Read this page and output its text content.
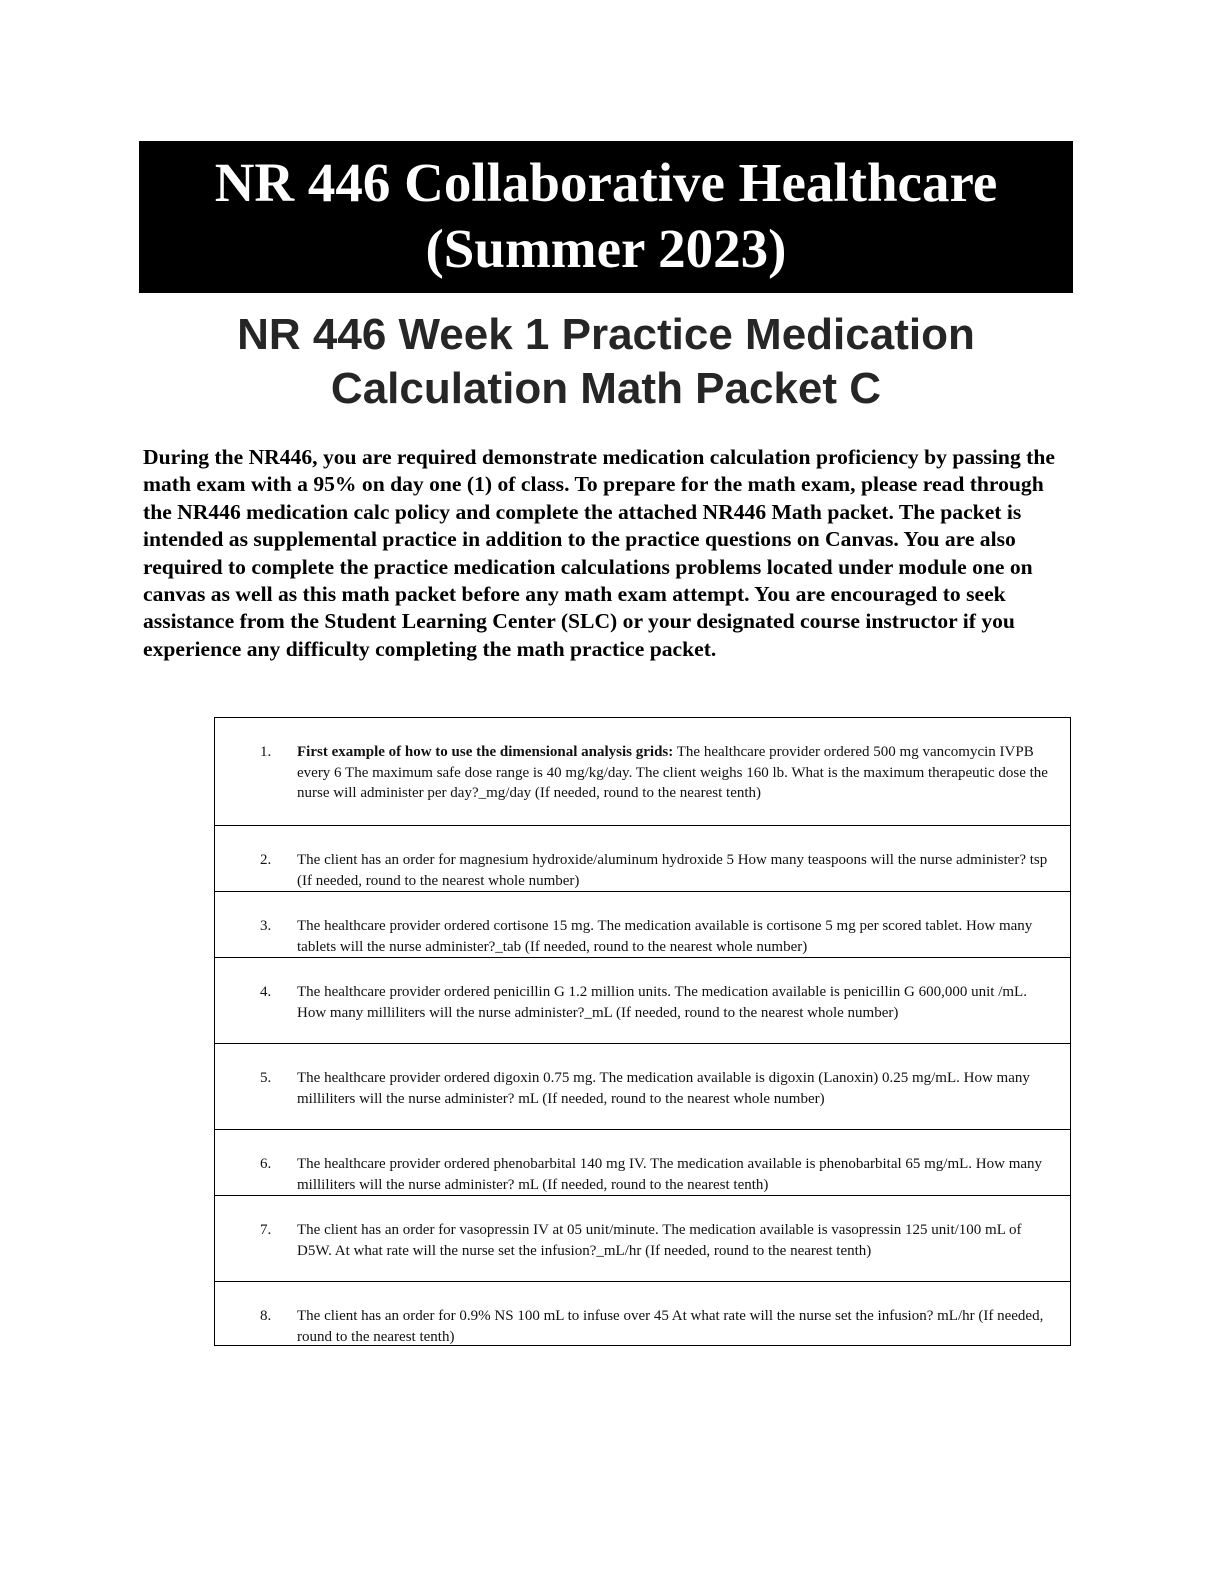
NR 446 Collaborative Healthcare
(Summer 2023)
NR 446 Week 1 Practice Medication
Calculation Math Packet C
During the NR446, you are required demonstrate medication calculation proficiency by passing the math exam with a 95% on day one (1) of class. To prepare for the math exam, please read through the NR446 medication calc policy and complete the attached NR446 Math packet. The packet is intended as supplemental practice in addition to the practice questions on Canvas. You are also required to complete the practice medication calculations problems located under module one on canvas as well as this math packet before any math exam attempt. You are encouraged to seek assistance from the Student Learning Center (SLC) or your designated course instructor if you experience any difficulty completing the math practice packet.
1.	First example of how to use the dimensional analysis grids: The healthcare provider ordered 500 mg vancomycin IVPB every 6 The maximum safe dose range is 40 mg/kg/day. The client weighs 160 lb. What is the maximum therapeutic dose the nurse will administer per day?_mg/day (If needed, round to the nearest tenth)
2.	The client has an order for magnesium hydroxide/aluminum hydroxide 5 How many teaspoons will the nurse administer? tsp (If needed, round to the nearest whole number)
3.	The healthcare provider ordered cortisone 15 mg. The medication available is cortisone 5 mg per scored tablet. How many tablets will the nurse administer?_tab (If needed, round to the nearest whole number)
4.	The healthcare provider ordered penicillin G 1.2 million units. The medication available is penicillin G 600,000 unit /mL. How many milliliters will the nurse administer?_mL (If needed, round to the nearest whole number)
5.	The healthcare provider ordered digoxin 0.75 mg. The medication available is digoxin (Lanoxin) 0.25 mg/mL. How many milliliters will the nurse administer? mL (If needed, round to the nearest whole number)
6.	The healthcare provider ordered phenobarbital 140 mg IV. The medication available is phenobarbital 65 mg/mL. How many milliliters will the nurse administer? mL (If needed, round to the nearest tenth)
7.	The client has an order for vasopressin IV at 05 unit/minute. The medication available is vasopressin 125 unit/100 mL of D5W. At what rate will the nurse set the infusion?_mL/hr (If needed, round to the nearest tenth)
8.	The client has an order for 0.9% NS 100 mL to infuse over 45 At what rate will the nurse set the infusion? mL/hr (If needed, round to the nearest tenth)
